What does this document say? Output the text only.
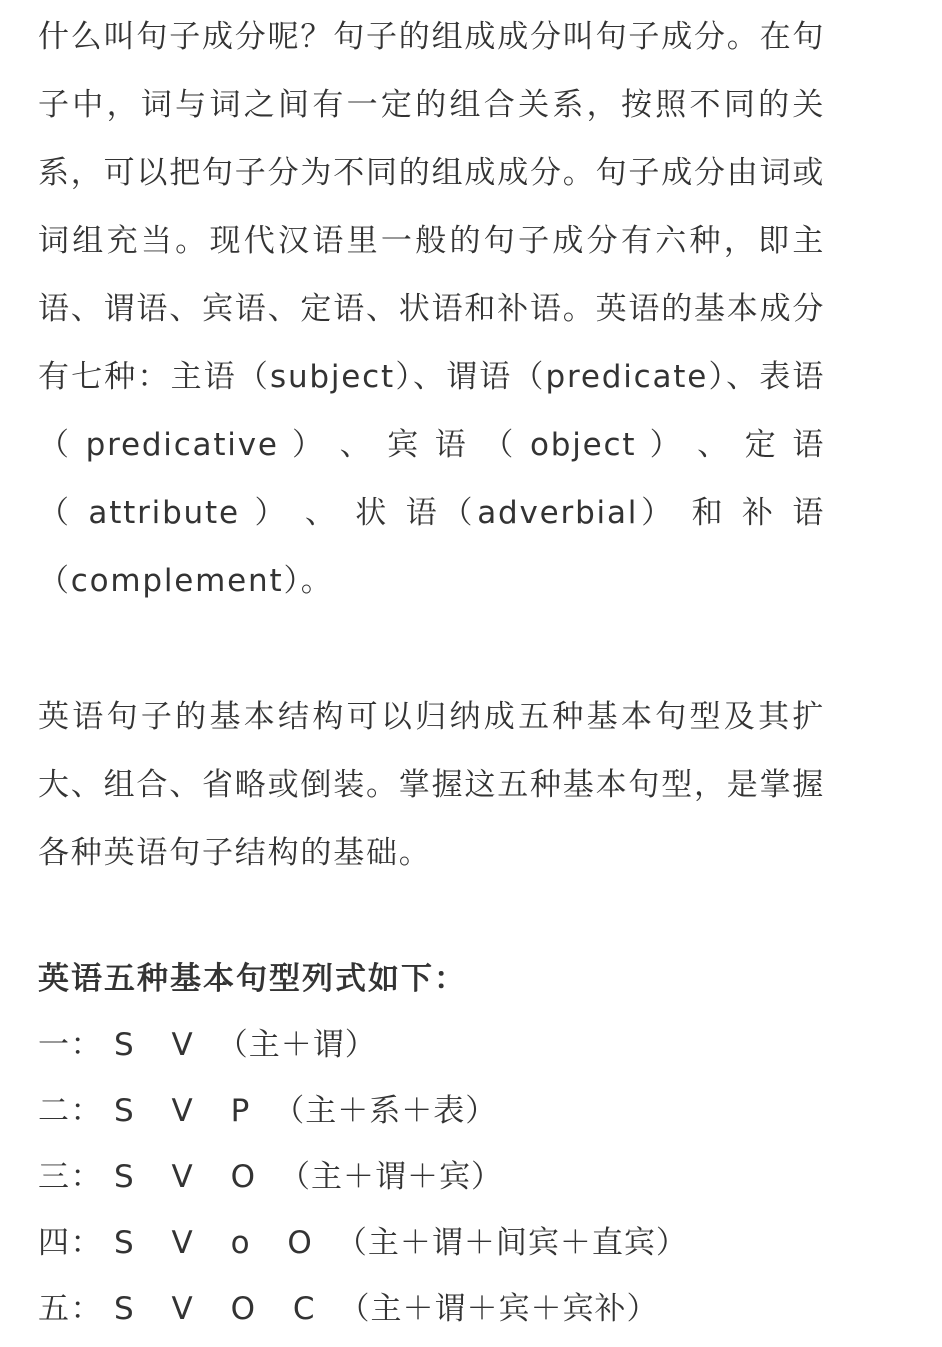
什么叫句子成分呢？句子的组成成分叫句子成分。在句
子中，词与词之间有一定的组合关系，按照不同的关
系，可以把句子分为不同的组成成分。句子成分由词或
词组充当。现代汉语里一般的句子成分有六种，即主
语、谓语、宾语、定语、状语和补语。英语的基本成分
有七种：主语（subject）、谓语（predicate）、表语
（ predicative ） 、 宾 语 （ object ） 、 定 语
（ attribute ） 、 状 语（adverbial） 和 补 语
（complement）。

英语句子的基本结构可以归纳成五种基本句型及其扩
大、组合、省略或倒装。掌握这五种基本句型，是掌握
各种英语句子结构的基础。

英语五种基本句型列式如下：
一： S V （主＋谓）
二： S V P （主＋系＋表）
三： S V O （主＋谓＋宾）
四： S V o O （主＋谓＋间宾＋直宾）
五： S V O C （主＋谓＋宾＋宾补）
